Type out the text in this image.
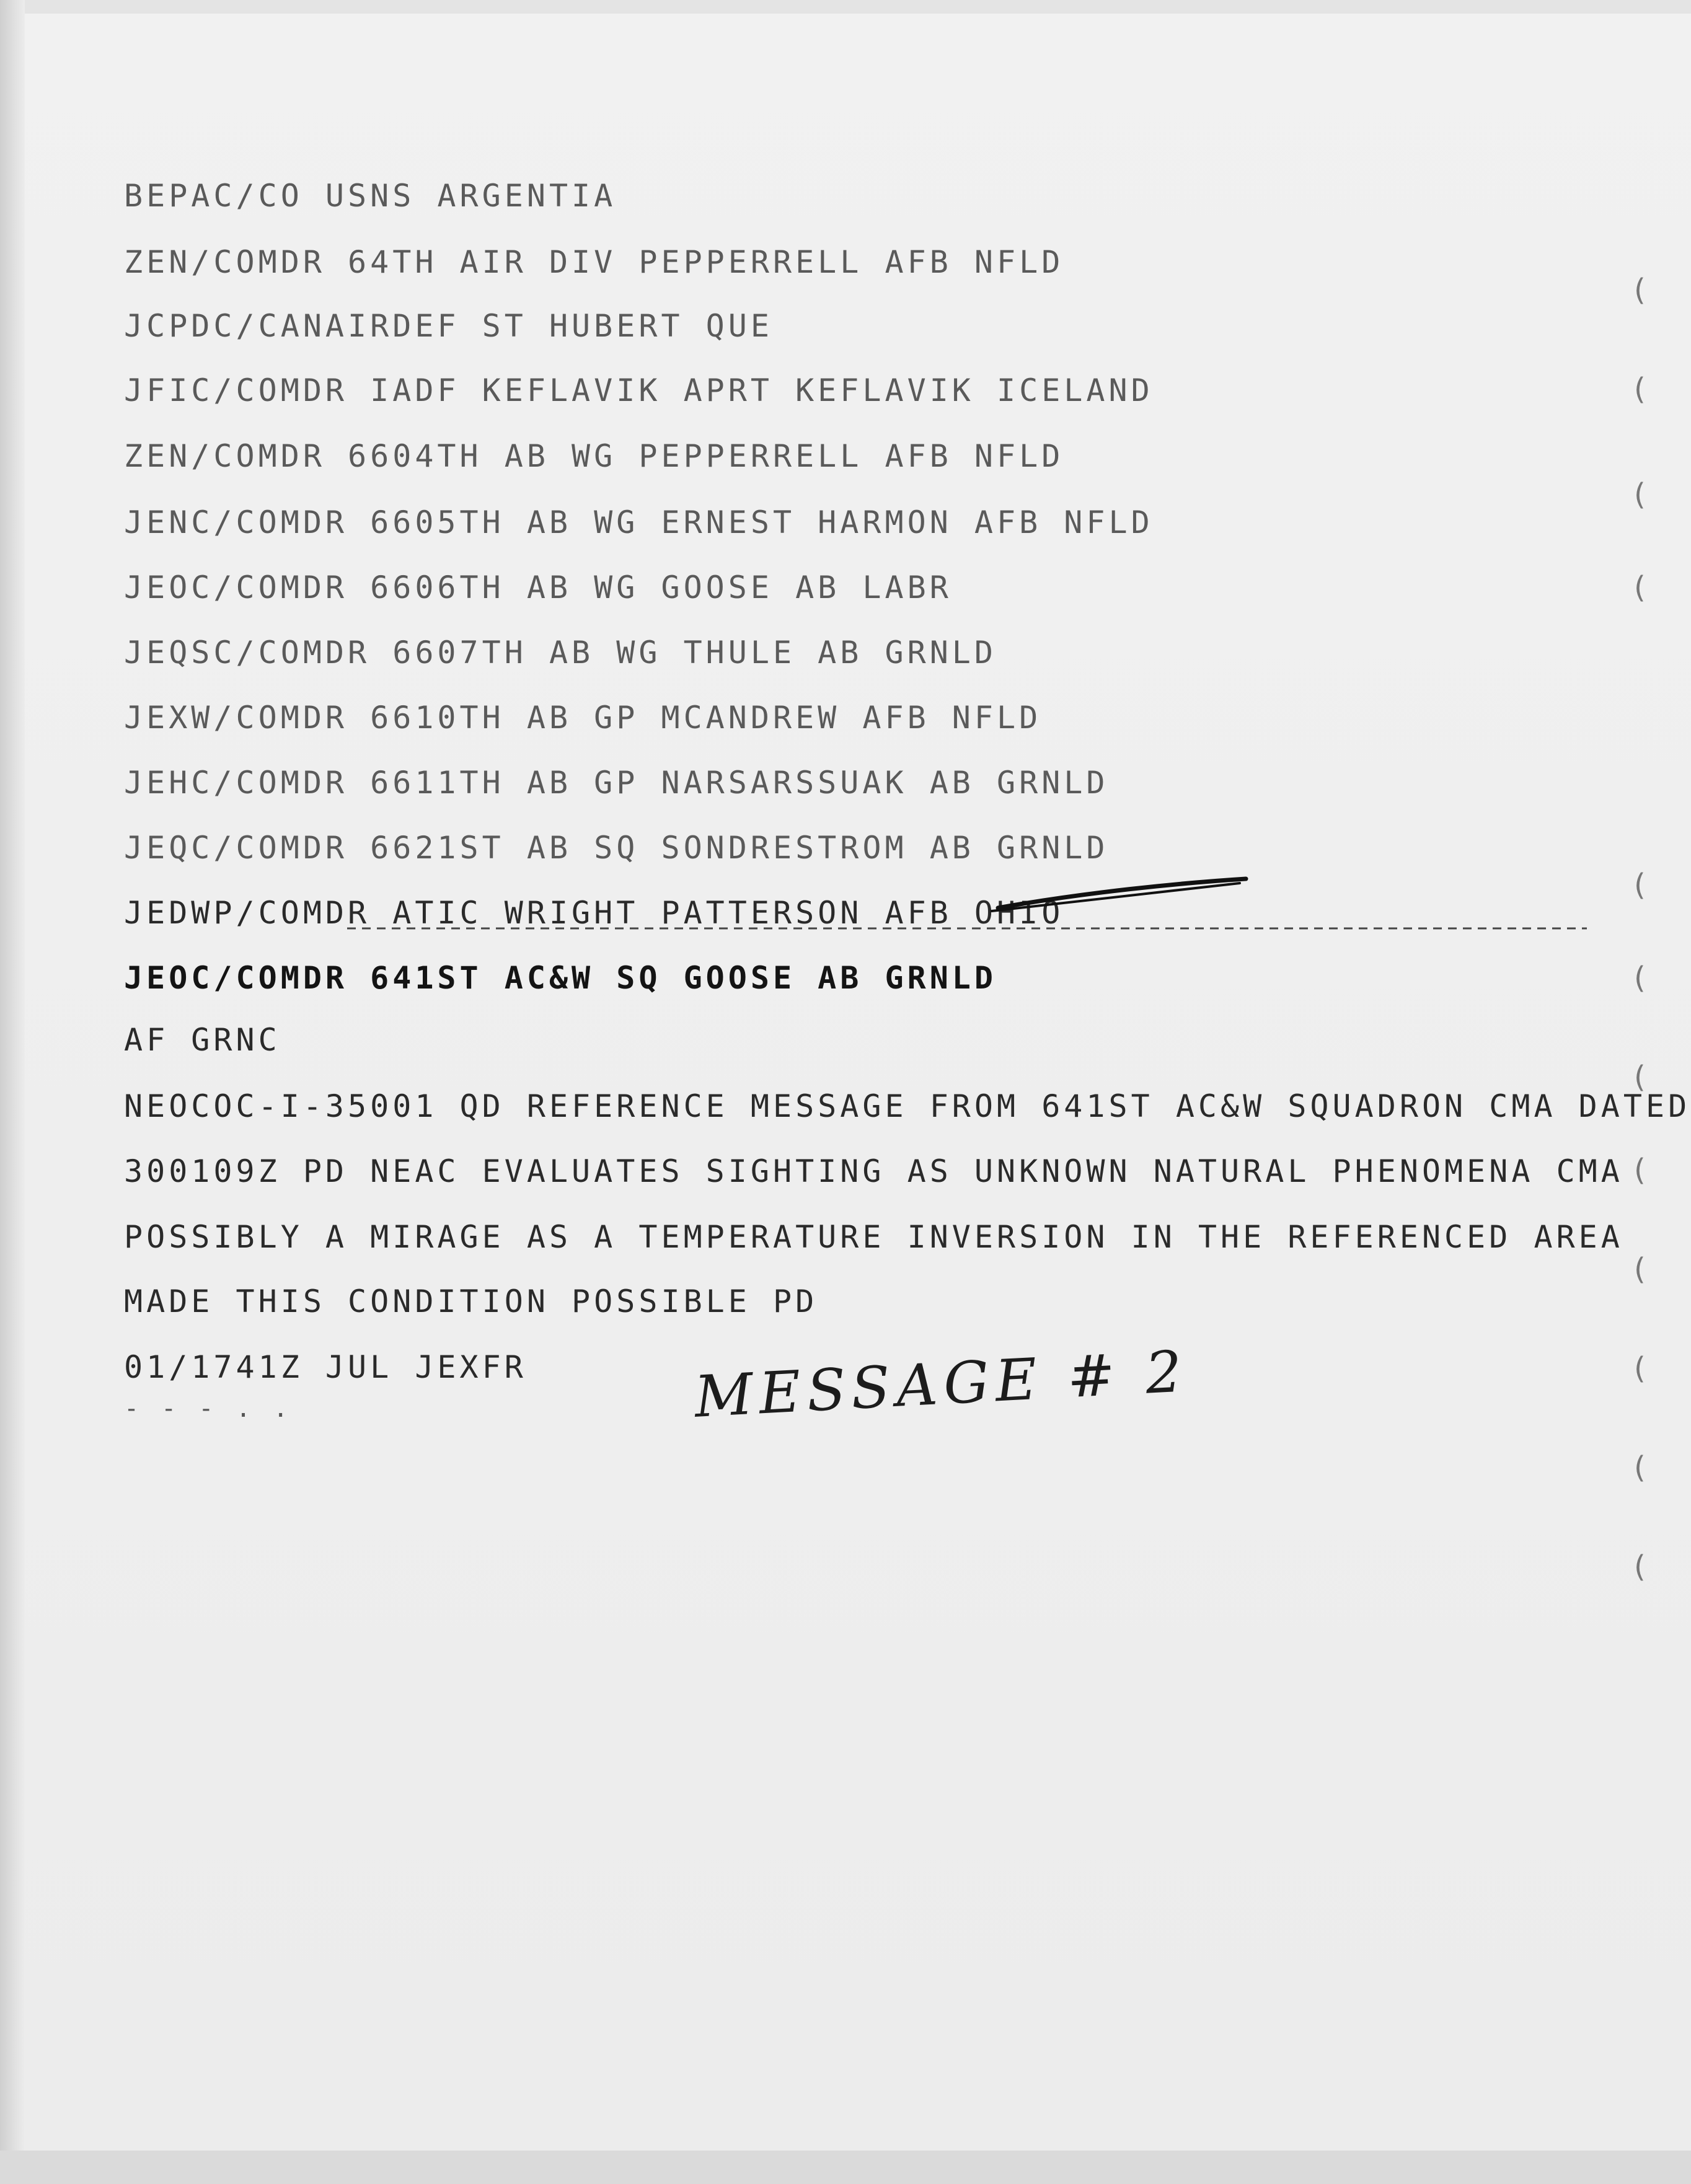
BEPAC/CO USNS ARGENTIA
ZEN/COMDR 64TH AIR DIV PEPPERRELL AFB NFLD
JCPDC/CANAIRDEF ST HUBERT QUE
JFIC/COMDR IADF KEFLAVIK APRT KEFLAVIK ICELAND
ZEN/COMDR 6604TH AB WG PEPPERRELL AFB NFLD
JENC/COMDR 6605TH AB WG ERNEST HARMON AFB NFLD
JEOC/COMDR 6606TH AB WG GOOSE AB LABR
JEQSC/COMDR 6607TH AB WG THULE AB GRNLD
JEXW/COMDR 6610TH AB GP MCANDREW AFB NFLD
JEHC/COMDR 6611TH AB GP NARSARSSUAK AB GRNLD
JEQC/COMDR 6621ST AB SQ SONDRESTROM AB GRNLD
JEDWP/COMDR ATIC WRIGHT PATTERSON AFB OHIO
JEOC/COMDR 641ST AC&W SQ GOOSE AB GRNLD
AF GRNC
NEOCOC-I-35001 QD REFERENCE MESSAGE FROM 641ST AC&W SQUADRON CMA DATED
300109Z PD NEAC EVALUATES SIGHTING AS UNKNOWN NATURAL PHENOMENA CMA
POSSIBLY A MIRAGE AS A TEMPERATURE INVERSION IN THE REFERENCED AREA
MADE THIS CONDITION POSSIBLE PD
01/1741Z JUL JEXFR
- - - . .	MESSAGE # 2
(
(
(
(
(
(
(
(
(
(
(
(
